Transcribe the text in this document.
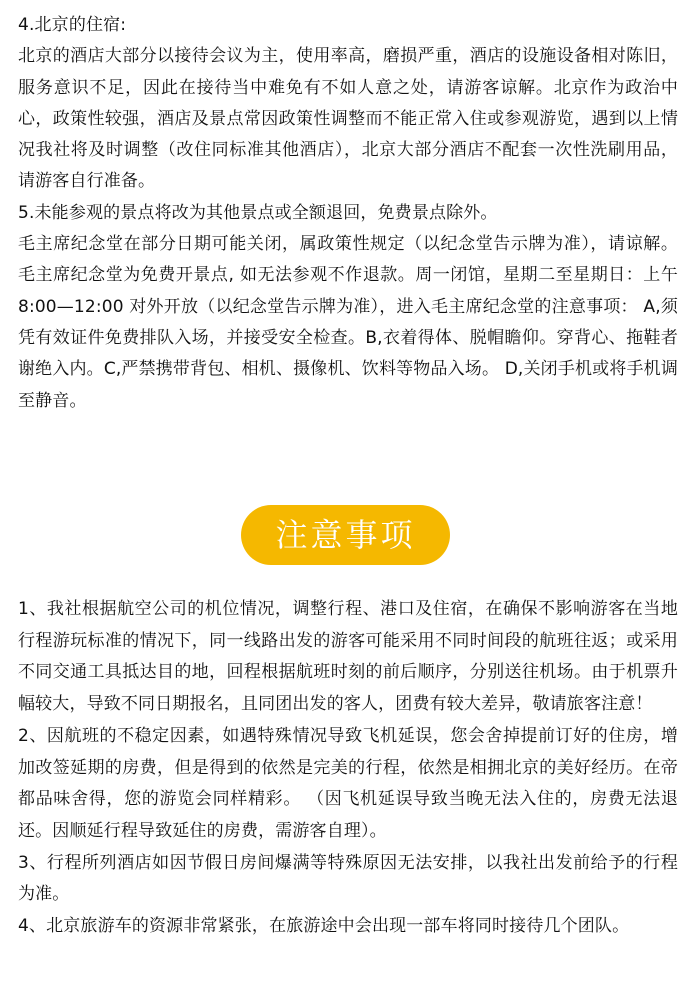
4.北京的住宿:

北京的酒店大部分以接待会议为主，使用率高，磨损严重，酒店的设施设备相对陈旧，服务意识不足，因此在接待当中难免有不如人意之处，请游客谅解。北京作为政治中心，政策性较强，酒店及景点常因政策性调整而不能正常入住或参观游览，遇到以上情况我社将及时调整（改住同标准其他酒店），北京大部分酒店不配套一次性洗刷用品，请游客自行准备。

5.未能参观的景点将改为其他景点或全额退回，免费景点除外。

毛主席纪念堂在部分日期可能关闭，属政策性规定（以纪念堂告示牌为准），请谅解。毛主席纪念堂为免费开景点, 如无法参观不作退款。周一闭馆，星期二至星期日：上午 8:00—12:00 对外开放（以纪念堂告示牌为准），进入毛主席纪念堂的注意事项： A,须凭有效证件免费排队入场，并接受安全检查。B,衣着得体、脱帽瞻仰。穿背心、拖鞋者谢绝入内。C,严禁携带背包、相机、摄像机、饮料等物品入场。 D,关闭手机或将手机调至静音。

注意事项

1、我社根据航空公司的机位情况，调整行程、港口及住宿，在确保不影响游客在当地行程游玩标准的情况下，同一线路出发的游客可能采用不同时间段的航班往返；或采用不同交通工具抵达目的地，回程根据航班时刻的前后顺序，分别送往机场。由于机票升幅较大，导致不同日期报名，且同团出发的客人，团费有较大差异，敬请旅客注意！

2、因航班的不稳定因素，如遇特殊情况导致飞机延误，您会舍掉提前订好的住房，增加改签延期的房费，但是得到的依然是完美的行程，依然是相拥北京的美好经历。在帝都品味舍得，您的游览会同样精彩。 （因飞机延误导致当晚无法入住的，房费无法退还。因顺延行程导致延住的房费，需游客自理）。

3、行程所列酒店如因节假日房间爆满等特殊原因无法安排，以我社出发前给予的行程为准。

4、北京旅游车的资源非常紧张，在旅游途中会出现一部车将同时接待几个团队。
